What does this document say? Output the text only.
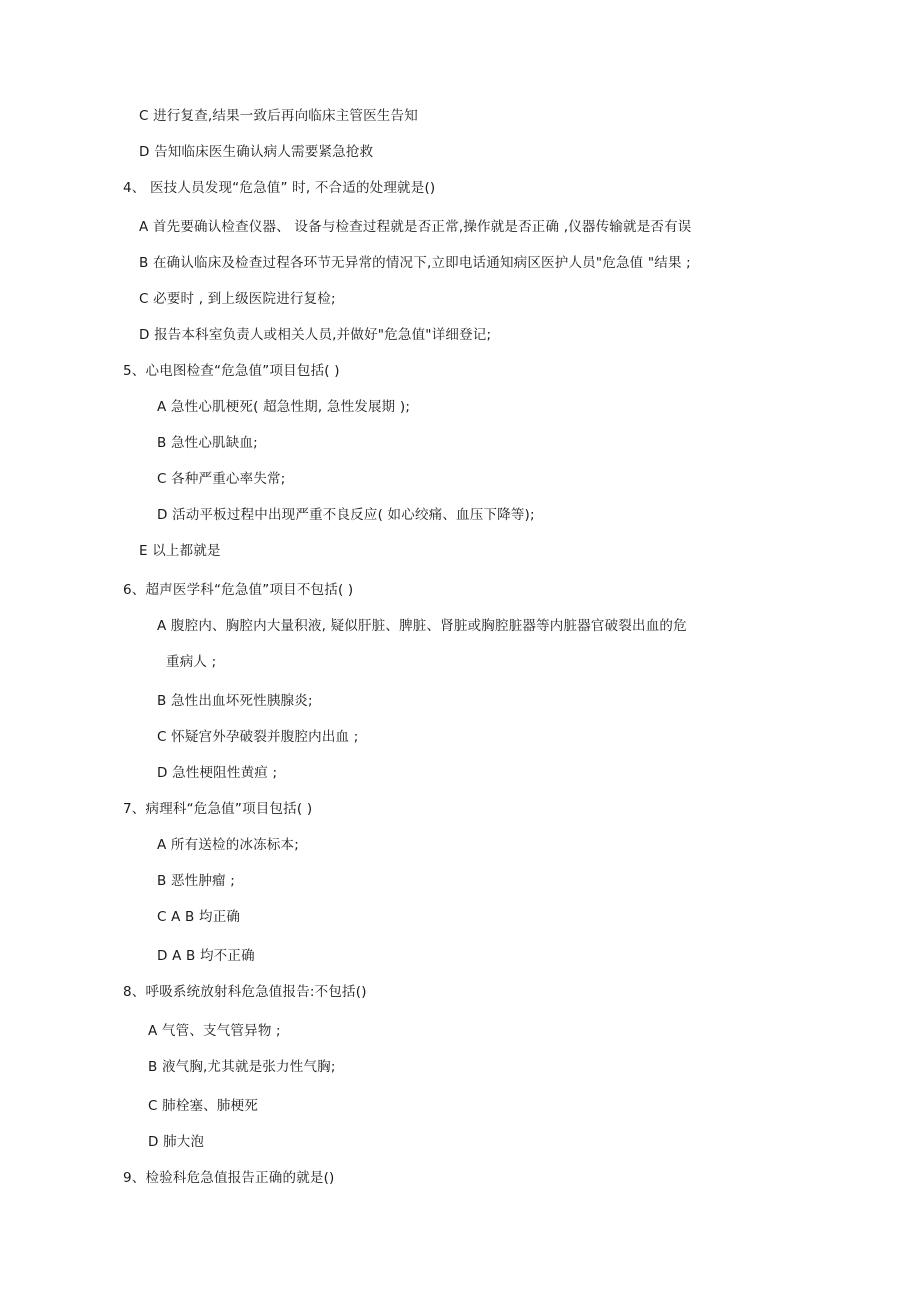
C 进行复查,结果一致后再向临床主管医生告知
D 告知临床医生确认病人需要紧急抢救
4、 医技人员发现“危急值” 时, 不合适的处理就是()
A 首先要确认检查仪器、 设备与检查过程就是否正常,操作就是否正确 ,仪器传输就是否有误
B 在确认临床及检查过程各环节无异常的情况下,立即电话通知病区医护人员"危急值 "结果 ;
C 必要时 , 到上级医院进行复检;
D 报告本科室负责人或相关人员,并做好"危急值"详细登记;
5、心电图检查“危急值”项目包括( )
A 急性心肌梗死( 超急性期, 急性发展期 );
B 急性心肌缺血;
C 各种严重心率失常;
D 活动平板过程中出现严重不良反应( 如心绞痛、血压下降等);
E 以上都就是
6、超声医学科“危急值”项目不包括( )
A 腹腔内、胸腔内大量积液, 疑似肝脏、脾脏、肾脏或胸腔脏器等内脏器官破裂出血的危
重病人 ;
B 急性出血坏死性胰腺炎;
C 怀疑宫外孕破裂并腹腔内出血 ;
D 急性梗阻性黄疸 ;
7、病理科“危急值”项目包括( )
A 所有送检的冰冻标本;
B 恶性肿瘤 ;
C A B 均正确
D A B 均不正确
8、呼吸系统放射科危急值报告:不包括()
A 气管、支气管异物 ;
B 液气胸,尤其就是张力性气胸;
C 肺栓塞、肺梗死
D 肺大泡
9、检验科危急值报告正确的就是()
